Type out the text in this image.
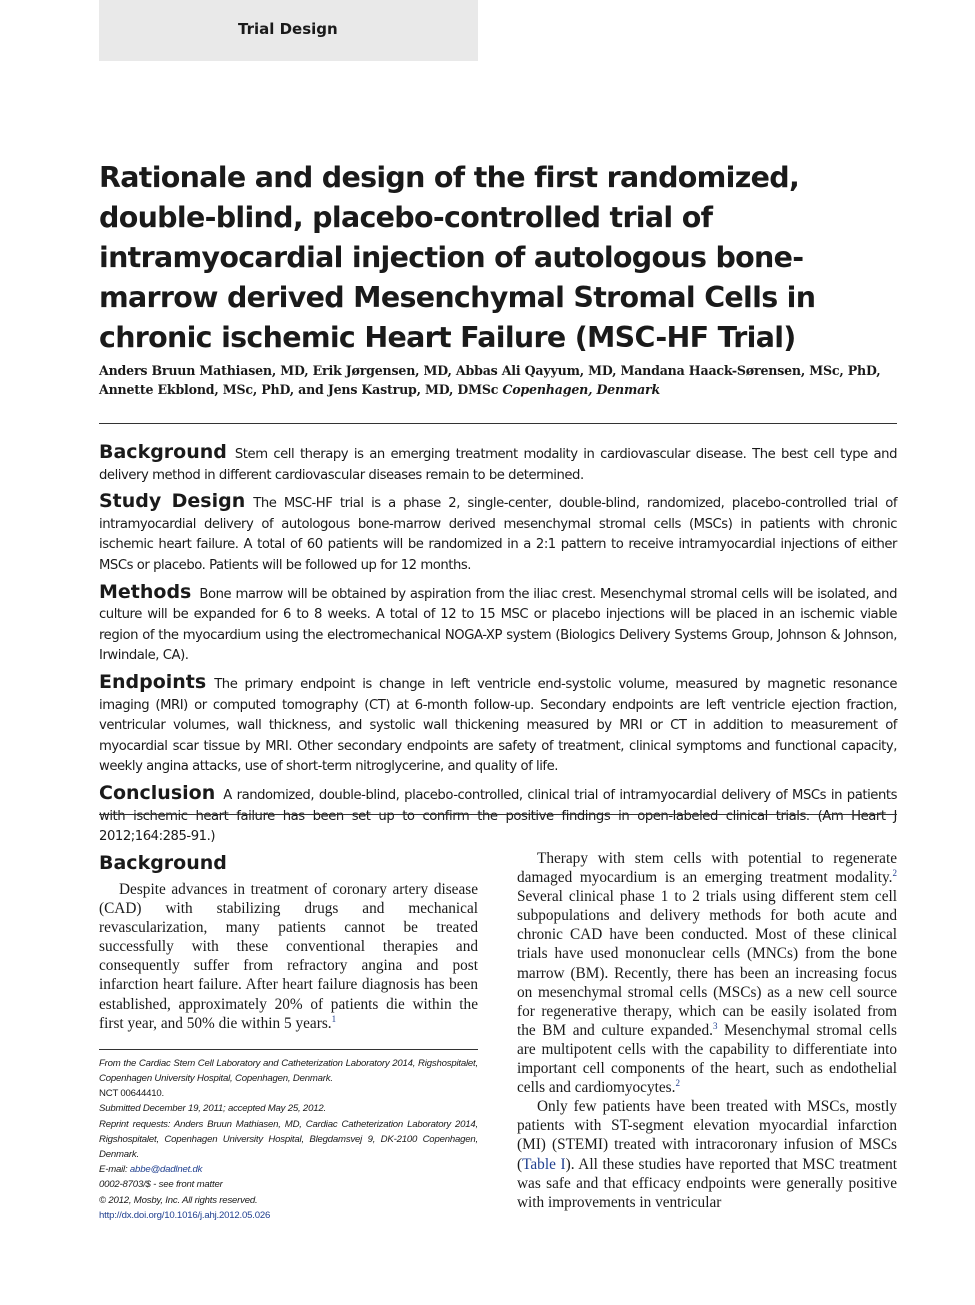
Trial Design
Rationale and design of the first randomized, double-blind, placebo-controlled trial of intramyocardial injection of autologous bone-marrow derived Mesenchymal Stromal Cells in chronic ischemic Heart Failure (MSC-HF Trial)

Anders Bruun Mathiasen, MD, Erik Jørgensen, MD, Abbas Ali Qayyum, MD, Mandana Haack-Sørensen, MSc, PhD, Annette Ekblond, MSc, PhD, and Jens Kastrup, MD, DMSc Copenhagen, Denmark

Background Stem cell therapy is an emerging treatment modality in cardiovascular disease. The best cell type and delivery method in different cardiovascular diseases remain to be determined.

Study Design The MSC-HF trial is a phase 2, single-center, double-blind, randomized, placebo-controlled trial of intramyocardial delivery of autologous bone-marrow derived mesenchymal stromal cells (MSCs) in patients with chronic ischemic heart failure. A total of 60 patients will be randomized in a 2:1 pattern to receive intramyocardial injections of either MSCs or placebo. Patients will be followed up for 12 months.

Methods Bone marrow will be obtained by aspiration from the iliac crest. Mesenchymal stromal cells will be isolated, and culture will be expanded for 6 to 8 weeks. A total of 12 to 15 MSC or placebo injections will be placed in an ischemic viable region of the myocardium using the electromechanical NOGA-XP system (Biologics Delivery Systems Group, Johnson & Johnson, Irwindale, CA).

Endpoints The primary endpoint is change in left ventricle end-systolic volume, measured by magnetic resonance imaging (MRI) or computed tomography (CT) at 6-month follow-up. Secondary endpoints are left ventricle ejection fraction, ventricular volumes, wall thickness, and systolic wall thickening measured by MRI or CT in addition to measurement of myocardial scar tissue by MRI. Other secondary endpoints are safety of treatment, clinical symptoms and functional capacity, weekly angina attacks, use of short-term nitroglycerine, and quality of life.

Conclusion A randomized, double-blind, placebo-controlled, clinical trial of intramyocardial delivery of MSCs in patients with ischemic heart failure has been set up to confirm the positive findings in open-labeled clinical trials. (Am Heart J 2012;164:285-91.)

Background

Despite advances in treatment of coronary artery disease (CAD) with stabilizing drugs and mechanical revascularization, many patients cannot be treated successfully with these conventional therapies and consequently suffer from refractory angina and post infarction heart failure. After heart failure diagnosis has been established, approximately 20% of patients die within the first year, and 50% die within 5 years.$^1$

From the Cardiac Stem Cell Laboratory and Catheterization Laboratory 2014, Rigshospitalet, Copenhagen University Hospital, Copenhagen, Denmark.
NCT 00644410.
Submitted December 19, 2011; accepted May 25, 2012.
Reprint requests: Anders Bruun Mathiasen, MD, Cardiac Catheterization Laboratory 2014, Rigshospitalet, Copenhagen University Hospital, Blegdamsvej 9, DK-2100 Copenhagen, Denmark.
E-mail: abbe@dadlnet.dk
0002-8703/$ - see front matter
© 2012, Mosby, Inc. All rights reserved.
http://dx.doi.org/10.1016/j.ahj.2012.05.026

Therapy with stem cells with potential to regenerate damaged myocardium is an emerging treatment modality.$^2$ Several clinical phase 1 to 2 trials using different stem cell subpopulations and delivery methods for both acute and chronic CAD have been conducted. Most of these clinical trials have used mononuclear cells (MNCs) from the bone marrow (BM). Recently, there has been an increasing focus on mesenchymal stromal cells (MSCs) as a new cell source for regenerative therapy, which can be easily isolated from the BM and culture expanded.$^3$ Mesenchymal stromal cells are multipotent cells with the capability to differentiate into important cell components of the heart, such as endothelial cells and cardiomyocytes.$^2$

Only few patients have been treated with MSCs, mostly patients with ST-segment elevation myocardial infarction (MI) (STEMI) treated with intracoronary infusion of MSCs (Table I). All these studies have reported that MSC treatment was safe and that efficacy endpoints were generally positive with improvements in ventricular
